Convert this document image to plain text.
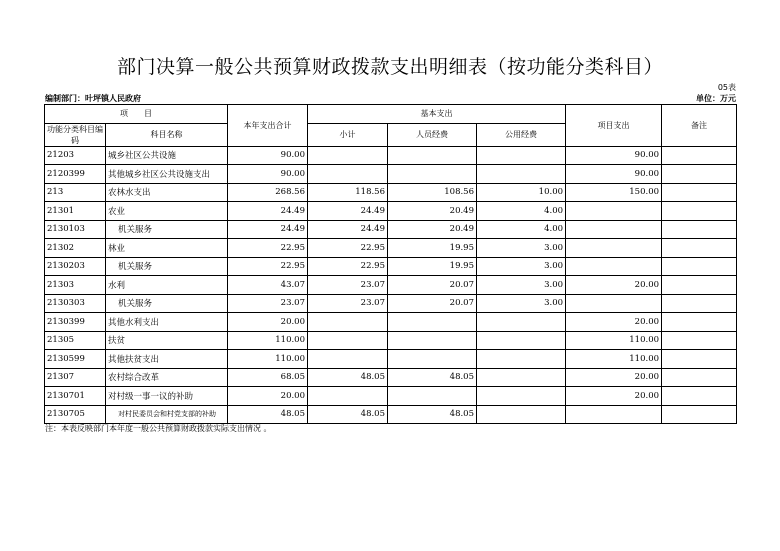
部门决算一般公共预算财政拨款支出明细表（按功能分类科目）
05表
编制部门：叶坪镇人民政府	单位：万元
项　　目		本年支出合计	基本支出			项目支出	备注
功能分类科目编码	科目名称		小计	人员经费	公用经费		
21203	城乡社区公共设施	90.00				90.00	
2120399	其他城乡社区公共设施支出	90.00				90.00	
213	农林水支出	268.56	118.56	108.56	10.00	150.00	
21301	农业	24.49	24.49	20.49	4.00		
2130103	机关服务	24.49	24.49	20.49	4.00		
21302	林业	22.95	22.95	19.95	3.00		
2130203	机关服务	22.95	22.95	19.95	3.00		
21303	水利	43.07	23.07	20.07	3.00	20.00	
2130303	机关服务	23.07	23.07	20.07	3.00		
2130399	其他水利支出	20.00				20.00	
21305	扶贫	110.00				110.00	
2130599	其他扶贫支出	110.00				110.00	
21307	农村综合改革	68.05	48.05	48.05		20.00	
2130701	对村级一事一议的补助	20.00				20.00	
2130705	对村民委员会和村党支部的补助	48.05	48.05	48.05			
注：本表反映部门本年度一般公共预算财政拨款实际支出情况 。
